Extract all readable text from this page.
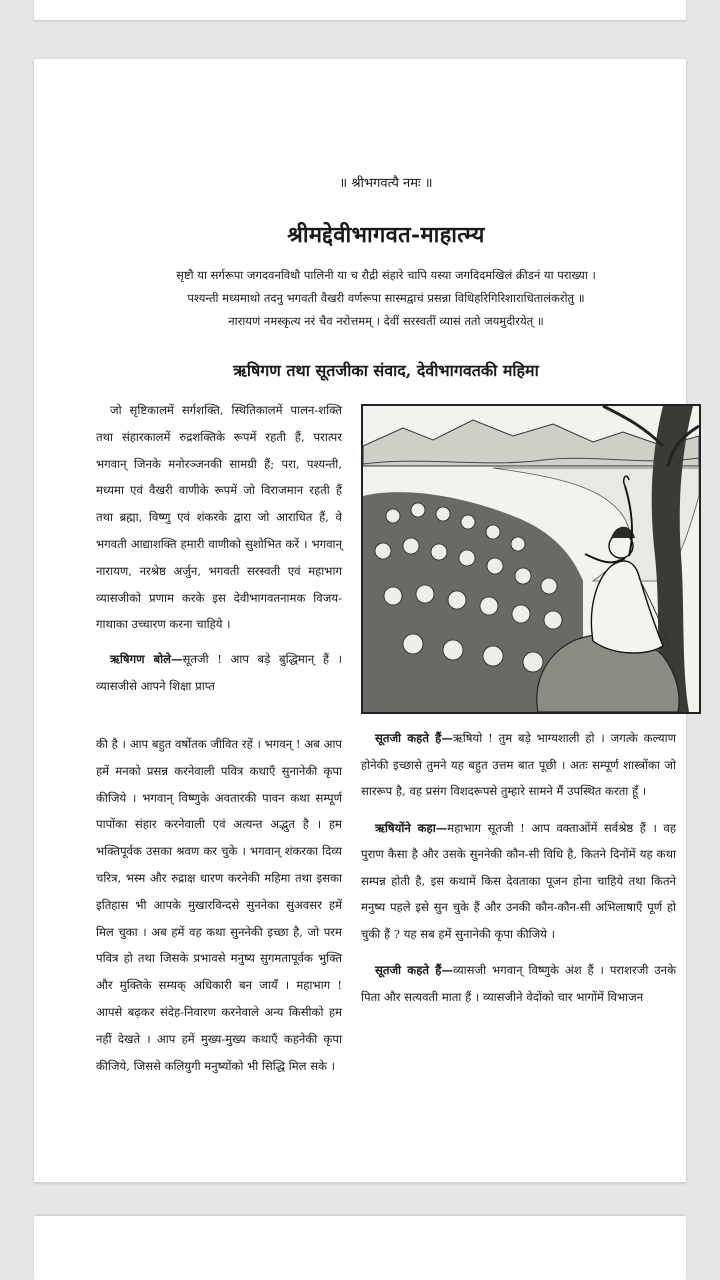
॥ श्रीभगवत्यै नमः ॥
श्रीमद्देवीभागवत-माहात्म्य
सृष्टौ या सर्गरूपा जगदवनविधौ पालिनी या च रौद्री संहारे चापि यस्या जगदिदमखिलं क्रीडनं या पराख्या ।
पश्यन्ती मध्यमाथो तदनु भगवती वैखरी वर्णरूपा सास्मद्वाचं प्रसन्ना विधिहरिगिरिशाराधितालंकरोतु ॥
नारायणं नमस्कृत्य नरं चैव नरोत्तमम् । देवीं सरस्वतीं व्यासं ततो जयमुदीरयेत् ॥
ऋषिगण तथा सूतजीका संवाद, देवीभागवतकी महिमा

जो सृष्टिकालमें सर्गशक्ति, स्थितिकालमें पालन-शक्ति तथा संहारकालमें रुद्रशक्तिके रूपमें रहती हैं, परात्पर भगवान् जिनके मनोरञ्जनकी सामग्री हैं; परा, पश्यन्ती, मध्यमा एवं वैखरी वाणीके रूपमें जो विराजमान रहती हैं तथा ब्रह्मा, विष्णु एवं शंकरके द्वारा जो आराधित हैं, वे भगवती आद्याशक्ति हमारी वाणीको सुशोभित करें । भगवान् नारायण, नरश्रेष्ठ अर्जुन, भगवती सरस्वती एवं महाभाग व्यासजीको प्रणाम करके इस देवीभागवतनामक विजय-गाथाका उच्चारण करना चाहिये ।

ऋषिगण बोले—सूतजी ! आप बड़े बुद्धिमान् हैं । व्यासजीसे आपने शिक्षा प्राप्त

की है । आप बहुत वर्षोतक जीवित रहें । भगवन् ! अब आप हमें मनको प्रसन्न करनेवाली पवित्र कथाएँ सुनानेकी कृपा कीजिये । भगवान् विष्णुके अवतारकी पावन कथा सम्पूर्ण पापोंका संहार करनेवाली एवं अत्यन्त अद्भुत है । हम भक्तिपूर्वक उसका श्रवण कर चुके । भगवान् शंकरका दिव्य चरित्र, भस्म और रुद्राक्ष धारण करनेकी महिमा तथा इसका इतिहास भी आपके मुखारविन्दसे सुननेका सुअवसर हमें मिल चुका । अब हमें वह कथा सुननेकी इच्छा है, जो परम पवित्र हो तथा जिसके प्रभावसे मनुष्य सुगमतापूर्वक भुक्ति और मुक्तिके सम्यक् अधिकारी बन जायँ । महाभाग ! आपसे बढ़कर संदेह-निवारण करनेवाले अन्य किसीको हम नहीं देखते । आप हमें मुख्य-मुख्य कथाएँ कहनेकी कृपा कीजिये, जिससे कलियुगी मनुष्योंको भी सिद्धि मिल सके ।

सूतजी कहते हैं—ऋषियो ! तुम बड़े भाग्यशाली हो । जगत्के कल्याण होनेकी इच्छासे तुमने यह बहुत उत्तम बात पूछी । अतः सम्पूर्ण शास्त्रोंका जो साररूप है, वह प्रसंग विशदरूपसे तुम्हारे सामने मैं उपस्थित करता हूँ ।

ऋषियोंने कहा—महाभाग सूतजी ! आप वक्ताओंमें सर्वश्रेष्ठ हैं । वह पुराण कैसा है और उसके सुननेकी कौन-सी विधि है, कितने दिनोंमें यह कथा सम्पन्न होती है, इस कथामें किस देवताका पूजन होना चाहिये तथा कितने मनुष्य पहले इसे सुन चुके हैं और उनकी कौन-कौन-सी अभिलाषाएँ पूर्ण हो चुकी हैं ? यह सब हमें सुनानेकी कृपा कीजिये ।

सूतजी कहते हैं—व्यासजी भगवान् विष्णुके अंश हैं । पराशरजी उनके पिता और सत्यवती माता हैं । व्यासजीने वेदोंको चार भागोंमें विभाजन
